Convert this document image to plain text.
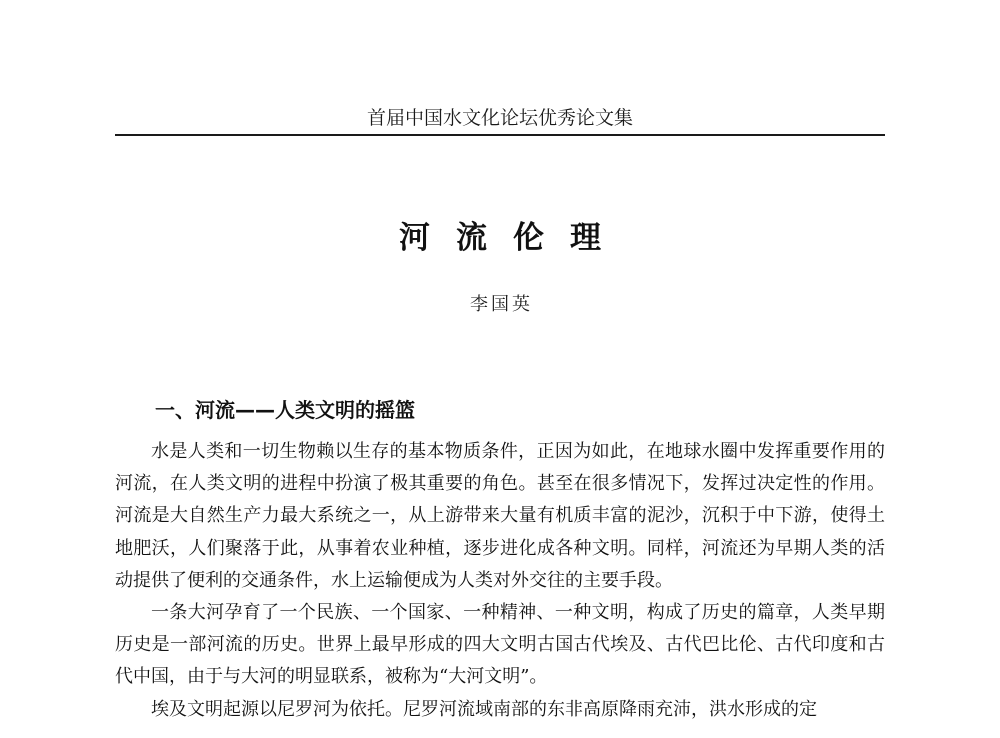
首届中国水文化论坛优秀论文集
河流伦理
李国英
一、河流——人类文明的摇篮

水是人类和一切生物赖以生存的基本物质条件，正因为如此，在地球水圈中发挥重要作用的河流，在人类文明的进程中扮演了极其重要的角色。甚至在很多情况下，发挥过决定性的作用。河流是大自然生产力最大系统之一，从上游带来大量有机质丰富的泥沙，沉积于中下游，使得土地肥沃，人们聚落于此，从事着农业种植，逐步进化成各种文明。同样，河流还为早期人类的活动提供了便利的交通条件，水上运输便成为人类对外交往的主要手段。

一条大河孕育了一个民族、一个国家、一种精神、一种文明，构成了历史的篇章，人类早期历史是一部河流的历史。世界上最早形成的四大文明古国古代埃及、古代巴比伦、古代印度和古代中国，由于与大河的明显联系，被称为“大河文明”。

埃及文明起源以尼罗河为依托。尼罗河流域南部的东非高原降雨充沛，洪水形成的定
